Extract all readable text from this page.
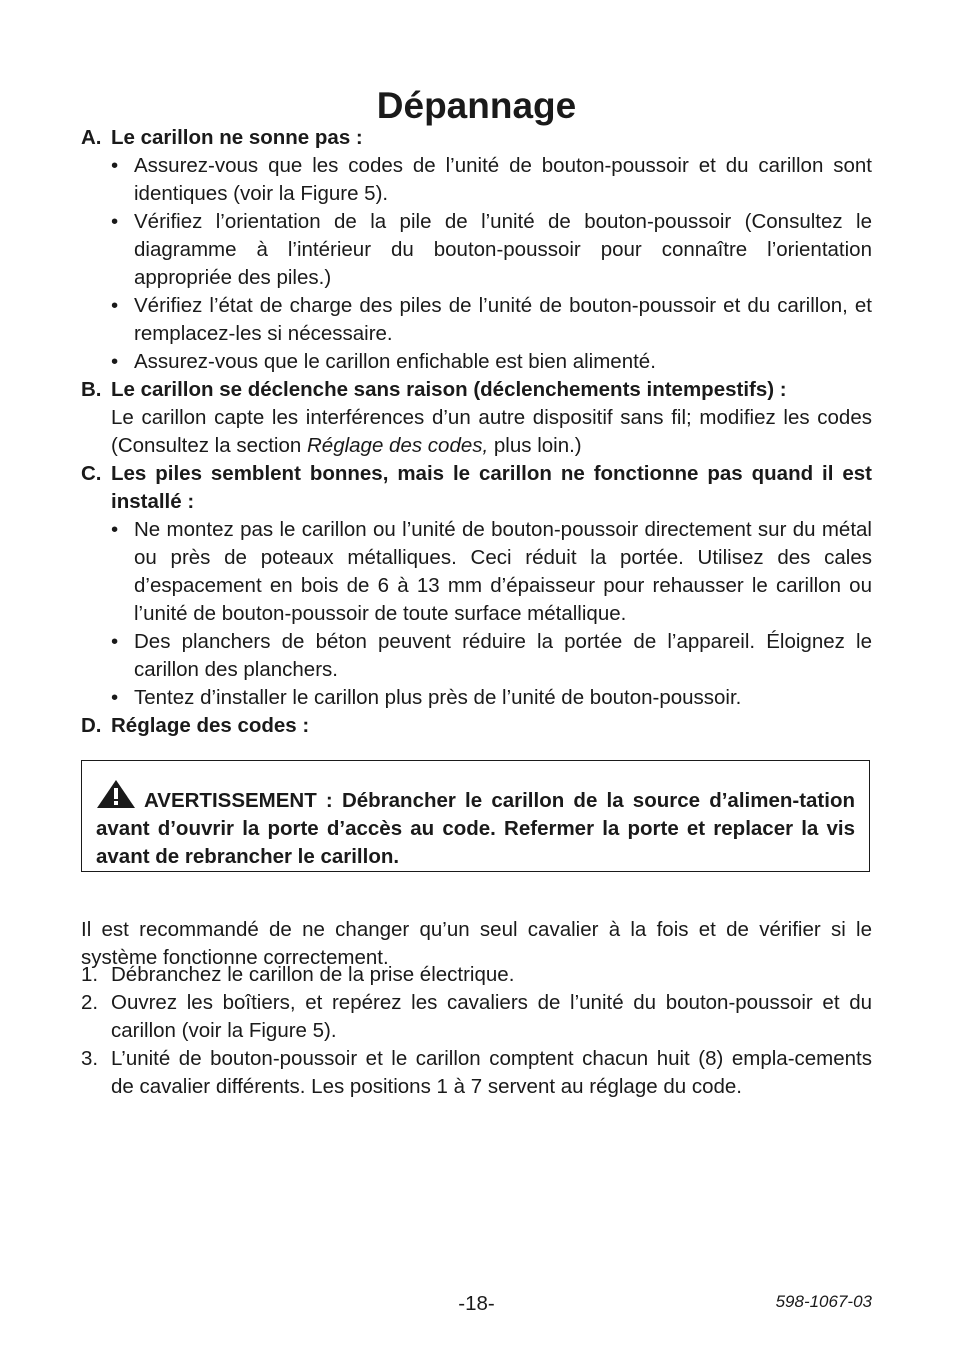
Dépannage
A. Le carillon ne sonne pas :
• Assurez-vous que les codes de l’unité de bouton-poussoir et du carillon sont identiques (voir la Figure 5).
• Vérifiez l’orientation de la pile de l’unité de bouton-poussoir (Consultez le diagramme à l’intérieur du bouton-poussoir pour connaître l’orientation appropriée des piles.)
• Vérifiez l’état de charge des piles de l’unité de bouton-poussoir et du carillon, et remplacez-les si nécessaire.
• Assurez-vous que le carillon enfichable est bien alimenté.
B. Le carillon se déclenche sans raison (déclenchements intempestifs) :
Le carillon capte les interférences d’un autre dispositif sans fil; modifiez les codes (Consultez la section Réglage des codes, plus loin.)
C. Les piles semblent bonnes, mais le carillon ne fonctionne pas quand il est installé :
• Ne montez pas le carillon ou l’unité de bouton-poussoir directement sur du métal ou près de poteaux métalliques. Ceci réduit la portée. Utilisez des cales d’espacement en bois de 6 à 13 mm d’épaisseur pour rehausser le carillon ou l’unité de bouton-poussoir de toute surface métallique.
• Des planchers de béton peuvent réduire la portée de l’appareil. Éloignez le carillon des planchers.
• Tentez d’installer le carillon plus près de l’unité de bouton-poussoir.
D. Réglage des codes :
AVERTISSEMENT : Débrancher le carillon de la source d’alimen-tation avant d’ouvrir la porte d’accès au code. Refermer la porte et replacer la vis avant de rebrancher le carillon.

Il est recommandé de ne changer qu’un seul cavalier à la fois et de vérifier si le système fonctionne correctement.

1. Débranchez le carillon de la prise électrique.
2. Ouvrez les boîtiers, et repérez les cavaliers de l’unité du bouton-poussoir et du carillon (voir la Figure 5).
3. L’unité de bouton-poussoir et le carillon comptent chacun huit (8) empla-cements de cavalier différents. Les positions 1 à 7 servent au réglage du code.
-18-	598-1067-03
